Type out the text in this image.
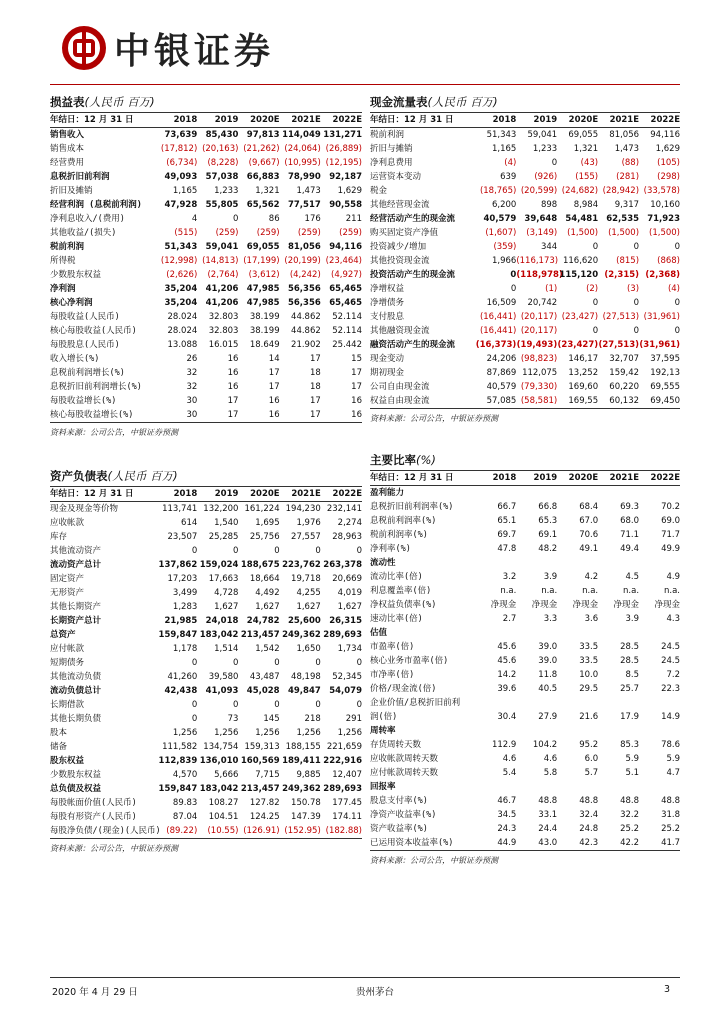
中银证券
损益表(人民币 百万)
年结日：12 月 31 日	2018	2019	2020E	2021E	2022E
销售收入	73,639	85,430	97,813	114,049	131,271
销售成本	(17,812)	(20,163)	(21,262)	(24,064)	(26,889)
经营费用	(6,734)	(8,228)	(9,667)	(10,995)	(12,195)
息税折旧前利润	49,093	57,038	66,883	78,990	92,187
折旧及摊销	1,165	1,233	1,321	1,473	1,629
经营利润 (息税前利润)	47,928	55,805	65,562	77,517	90,558
净利息收入/(费用)	4	0	86	176	211
其他收益/(损失)	(515)	(259)	(259)	(259)	(259)
税前利润	51,343	59,041	69,055	81,056	94,116
所得税	(12,998)	(14,813)	(17,199)	(20,199)	(23,464)
少数股东权益	(2,626)	(2,764)	(3,612)	(4,242)	(4,927)
净利润	35,204	41,206	47,985	56,356	65,465
核心净利润	35,204	41,206	47,985	56,356	65,465
每股收益(人民币)	28.024	32.803	38.199	44.862	52.114
核心每股收益(人民币)	28.024	32.803	38.199	44.862	52.114
每股股息(人民币)	13.088	16.015	18.649	21.902	25.442
收入增长(%)	26	16	14	17	15
息税前利润增长(%)	32	16	17	18	17
息税折旧前利润增长(%)	32	16	17	18	17
每股收益增长(%)	30	17	16	17	16
核心每股收益增长(%)	30	17	16	17	16
资料来源：公司公告，中银证券预测
现金流量表(人民币 百万)
年结日：12 月 31 日	2018	2019	2020E	2021E	2022E
税前利润	51,343	59,041	69,055	81,056	94,116
折旧与摊销	1,165	1,233	1,321	1,473	1,629
净利息费用	(4)	0	(43)	(88)	(105)
运营资本变动	639	(926)	(155)	(281)	(298)
税金	(18,765)	(20,599)	(24,682)	(28,942)	(33,578)
其他经营现金流	6,200	898	8,984	9,317	10,160
经营活动产生的现金流	40,579	39,648	54,481	62,535	71,923
购买固定资产净值	(1,607)	(3,149)	(1,500)	(1,500)	(1,500)
投资减少/增加	(359)	344	0	0	0
其他投资现金流	1,966	(116,173)	116,620	(815)	(868)
投资活动产生的现金流	0	(118,978)	115,120	(2,315)	(2,368)
净增权益	0	(1)	(2)	(3)	(4)
净增债务	16,509	20,742	0	0	0
支付股息	(16,441)	(20,117)	(23,427)	(27,513)	(31,961)
其他融资现金流	(16,441)	(20,117)	0	0	0
融资活动产生的现金流	(16,373)	(19,493)	(23,427)	(27,513)	(31,961)
现金变动	24,206	(98,823)	146,17	32,707	37,595
期初现金	87,869	112,075	13,252	159,42	192,13
公司自由现金流	40,579	(79,330)	169,60	60,220	69,555
权益自由现金流	57,085	(58,581)	169,55	60,132	69,450
资料来源：公司公告，中银证券预测
资产负债表(人民币 百万)
年结日：12 月 31 日	2018	2019	2020E	2021E	2022E
现金及现金等价物	113,741	132,200	161,224	194,230	232,141
应收帐款	614	1,540	1,695	1,976	2,274
库存	23,507	25,285	25,756	27,557	28,963
其他流动资产	0	0	0	0	0
流动资产总计	137,862	159,024	188,675	223,762	263,378
固定资产	17,203	17,663	18,664	19,718	20,669
无形资产	3,499	4,728	4,492	4,255	4,019
其他长期资产	1,283	1,627	1,627	1,627	1,627
长期资产总计	21,985	24,018	24,782	25,600	26,315
总资产	159,847	183,042	213,457	249,362	289,693
应付帐款	1,178	1,514	1,542	1,650	1,734
短期债务	0	0	0	0	0
其他流动负债	41,260	39,580	43,487	48,198	52,345
流动负债总计	42,438	41,093	45,028	49,847	54,079
长期借款	0	0	0	0	0
其他长期负债	0	73	145	218	291
股本	1,256	1,256	1,256	1,256	1,256
储备	111,582	134,754	159,313	188,155	221,659
股东权益	112,839	136,010	160,569	189,411	222,916
少数股东权益	4,570	5,666	7,715	9,885	12,407
总负债及权益	159,847	183,042	213,457	249,362	289,693
每股帐面价值(人民币)	89.83	108.27	127.82	150.78	177.45
每股有形资产(人民币)	87.04	104.51	124.25	147.39	174.11
每股净负债/(现金)(人民币)	(89.22)	(10.55)	(126.91)	(152.95)	(182.88)
资料来源：公司公告，中银证券预测
主要比率(%)
年结日：12 月 31 日	2018	2019	2020E	2021E	2022E
盈利能力					
息税折旧前利润率(%)	66.7	66.8	68.4	69.3	70.2
息税前利润率(%)	65.1	65.3	67.0	68.0	69.0
税前利润率(%)	69.7	69.1	70.6	71.1	71.7
净利率(%)	47.8	48.2	49.1	49.4	49.9
流动性					
流动比率(倍)	3.2	3.9	4.2	4.5	4.9
利息覆盖率(倍)	n.a.	n.a.	n.a.	n.a.	n.a.
净权益负债率(%)	净现金	净现金	净现金	净现金	净现金
速动比率(倍)	2.7	3.3	3.6	3.9	4.3
估值					
市盈率(倍)	45.6	39.0	33.5	28.5	24.5
核心业务市盈率(倍)	45.6	39.0	33.5	28.5	24.5
市净率(倍)	14.2	11.8	10.0	8.5	7.2
价格/现金流(倍)	39.6	40.5	29.5	25.7	22.3
企业价值/息税折旧前利					
润(倍)	30.4	27.9	21.6	17.9	14.9
周转率					
存货周转天数	112.9	104.2	95.2	85.3	78.6
应收帐款周转天数	4.6	4.6	6.0	5.9	5.9
应付帐款周转天数	5.4	5.8	5.7	5.1	4.7
回报率					
股息支付率(%)	46.7	48.8	48.8	48.8	48.8
净资产收益率(%)	34.5	33.1	32.4	32.2	31.8
资产收益率(%)	24.3	24.4	24.8	25.2	25.2
已运用资本收益率(%)	44.9	43.0	42.3	42.2	41.7
资料来源：公司公告，中银证券预测
2020 年 4 月 29 日	贵州茅台	3
